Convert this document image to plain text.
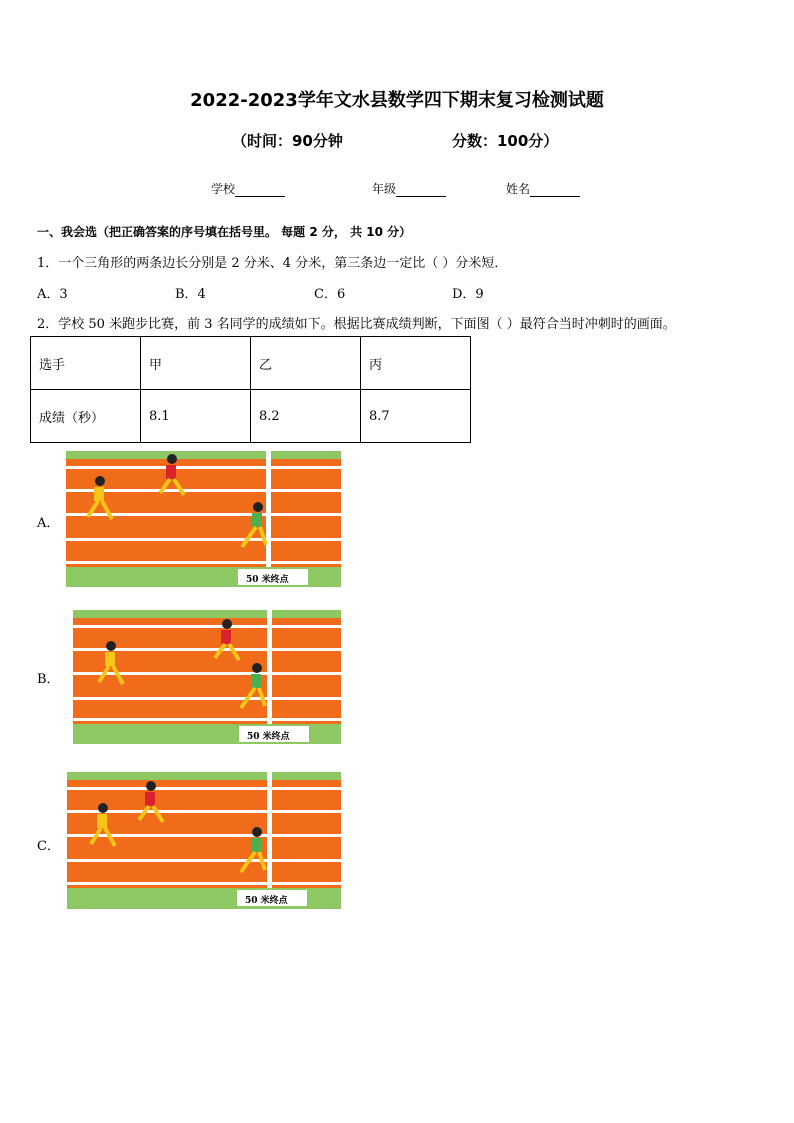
2022-2023学年文水县数学四下期末复习检测试题
（时间：90分钟	分数：100分）
学校	年级	姓名
一、我会选（把正确答案的序号填在括号里。 每题 2 分， 共 10 分）
1．一个三角形的两条边长分别是 2 分米、4 分米，第三条边一定比（ ）分米短．
A．3	B．4	C．6	D．9
2．学校 50 米跑步比赛，前 3 名同学的成绩如下。根据比赛成绩判断，下面图（ ）最符合当时冲刺时的画面。
选手	甲	乙	丙
成绩（秒）	8.1	8.2	8.7
A．
50 米终点
B．
50 米终点
C．
50 米终点
